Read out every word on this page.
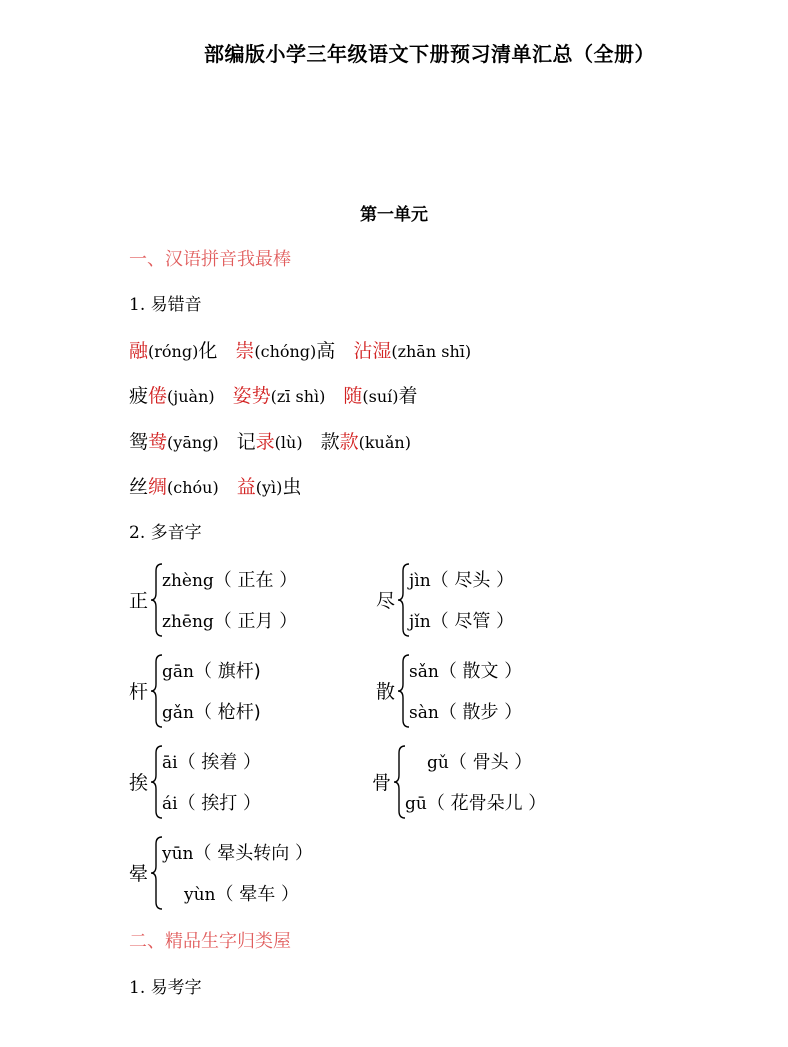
部编版小学三年级语文下册预习清单汇总（全册）
第一单元
一、汉语拼音我最棒
1. 易错音
融(róng)化 崇(chóng)高 沾湿(zhān shī)
疲倦(juàn) 姿势(zī shì) 随(suí)着
鸳鸯(yāng) 记录(lù) 款款(kuǎn)
丝绸(chóu) 益(yì)虫
2. 多音字
正
zhèng（ 正在 ）
zhēng（ 正月 ）
尽
jìn（ 尽头 ）
jǐn（ 尽管 ）
杆
gān（ 旗杆)
gǎn（ 枪杆)
散
sǎn（ 散文 ）
sàn（ 散步 ）
挨
āi（ 挨着 ）
ái（ 挨打 ）
骨
gǔ（ 骨头 ）
gū（ 花骨朵儿 ）
晕
yūn（ 晕头转向 ）
yùn（ 晕车 ）
二、精品生字归类屋
1. 易考字
